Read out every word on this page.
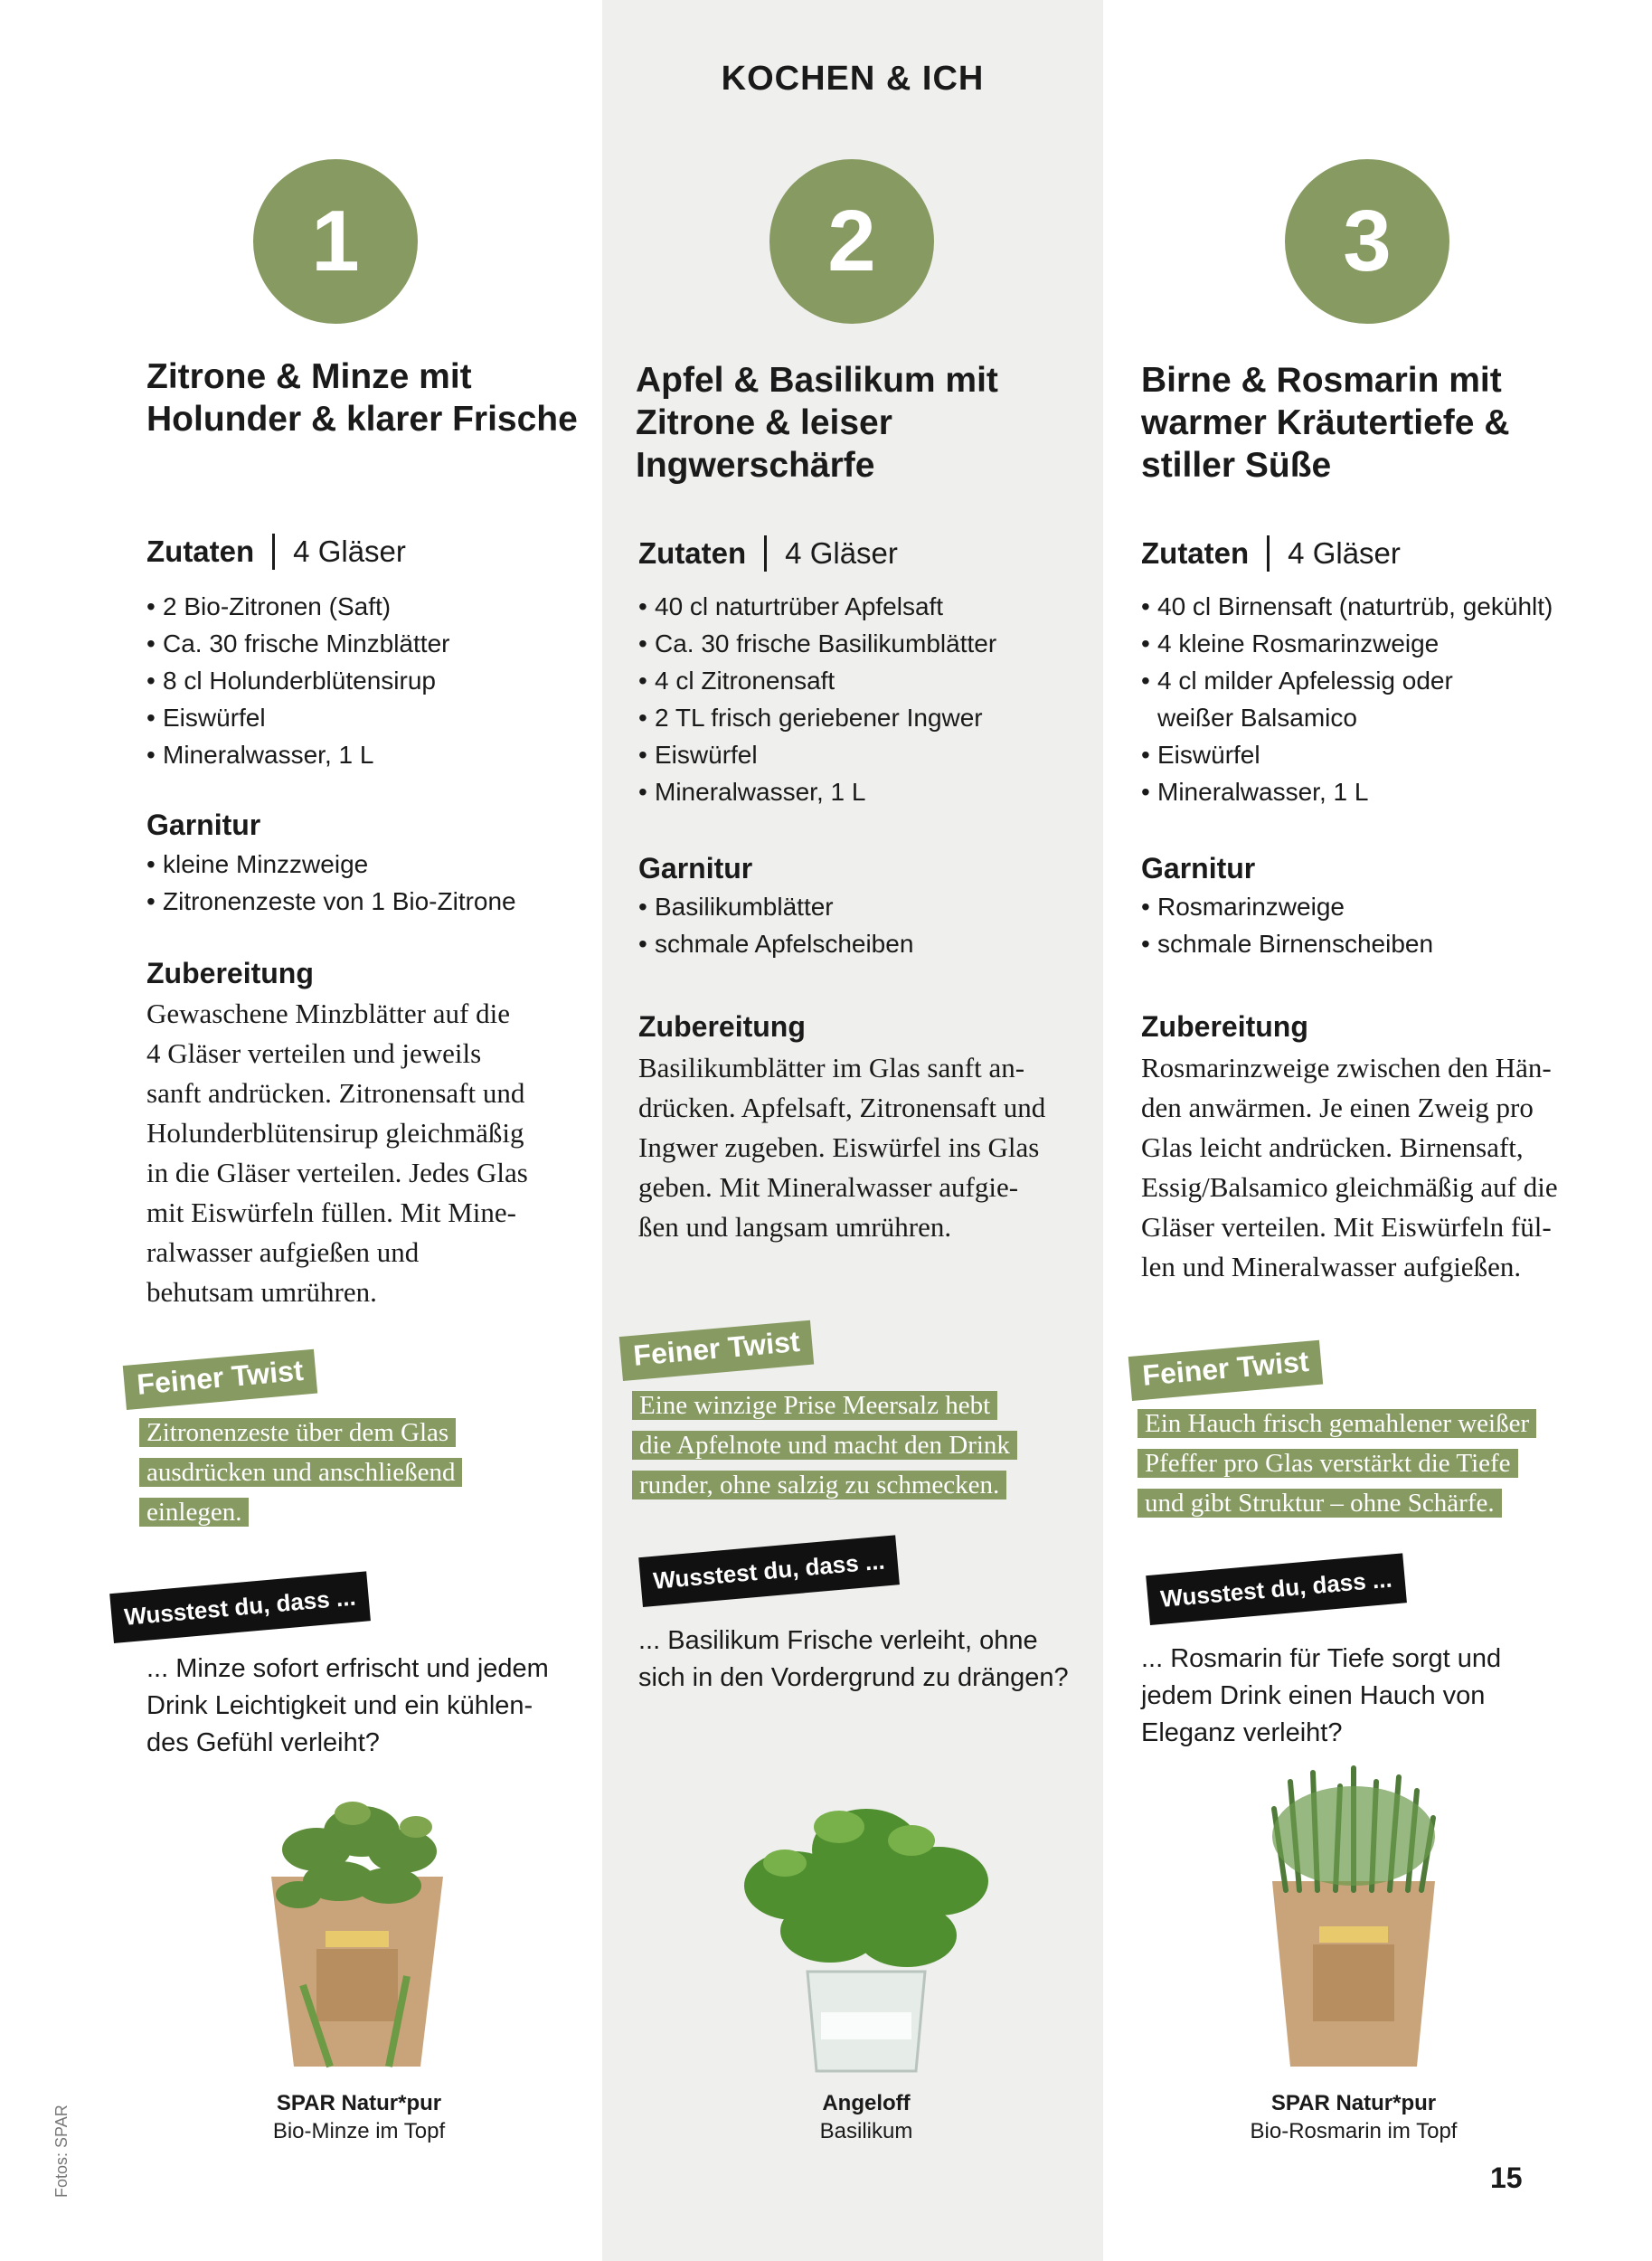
KOCHEN & ICH
1
Zitrone & Minze mit
Holunder & klarer Frische
Zutaten 4 Gläser
• 2 Bio-Zitronen (Saft)
• Ca. 30 frische Minzblätter
• 8 cl Holunderblütensirup
• Eiswürfel
• Mineralwasser, 1 L
Garnitur
• kleine Minzzweige
• Zitronenzeste von 1 Bio-Zitrone
Zubereitung
Gewaschene Minzblätter auf die
4 Gläser verteilen und jeweils
sanft andrücken. Zitronensaft und
Holunderblütensirup gleichmäßig
in die Gläser verteilen. Jedes Glas
mit Eiswürfeln füllen. Mit Mine-
ralwasser aufgießen und
behutsam umrühren.
Feiner Twist
Zitronenzeste über dem Glas
ausdrücken und anschließend
einlegen.
Wusstest du, dass ...
... Minze sofort erfrischt und jedem
Drink Leichtigkeit und ein kühlen-
des Gefühl verleiht?
SPAR Natur*pur
Bio-Minze im Topf
2
Apfel & Basilikum mit
Zitrone & leiser
Ingwerschärfe
Zutaten 4 Gläser
• 40 cl naturtrüber Apfelsaft
• Ca. 30 frische Basilikumblätter
• 4 cl Zitronensaft
• 2 TL frisch geriebener Ingwer
• Eiswürfel
• Mineralwasser, 1 L
Garnitur
• Basilikumblätter
• schmale Apfelscheiben
Zubereitung
Basilikumblätter im Glas sanft an-
drücken. Apfelsaft, Zitronensaft und
Ingwer zugeben. Eiswürfel ins Glas
geben. Mit Mineralwasser aufgie-
ßen und langsam umrühren.
Feiner Twist
Eine winzige Prise Meersalz hebt
die Apfelnote und macht den Drink
runder, ohne salzig zu schmecken.
Wusstest du, dass ...
... Basilikum Frische verleiht, ohne
sich in den Vordergrund zu drängen?
Angeloff
Basilikum
3
Birne & Rosmarin mit
warmer Kräutertiefe &
stiller Süße
Zutaten 4 Gläser
• 40 cl Birnensaft (naturtrüb, gekühlt)
• 4 kleine Rosmarinzweige
• 4 cl milder Apfelessig oder weißer Balsamico
• Eiswürfel
• Mineralwasser, 1 L
Garnitur
• Rosmarinzweige
• schmale Birnenscheiben
Zubereitung
Rosmarinzweige zwischen den Hän-
den anwärmen. Je einen Zweig pro
Glas leicht andrücken. Birnensaft,
Essig/Balsamico gleichmäßig auf die
Gläser verteilen. Mit Eiswürfeln fül-
len und Mineralwasser aufgießen.
Feiner Twist
Ein Hauch frisch gemahlener weißer
Pfeffer pro Glas verstärkt die Tiefe
und gibt Struktur – ohne Schärfe.
Wusstest du, dass ...
... Rosmarin für Tiefe sorgt und
jedem Drink einen Hauch von
Eleganz verleiht?
SPAR Natur*pur
Bio-Rosmarin im Topf
Fotos: SPAR	15
